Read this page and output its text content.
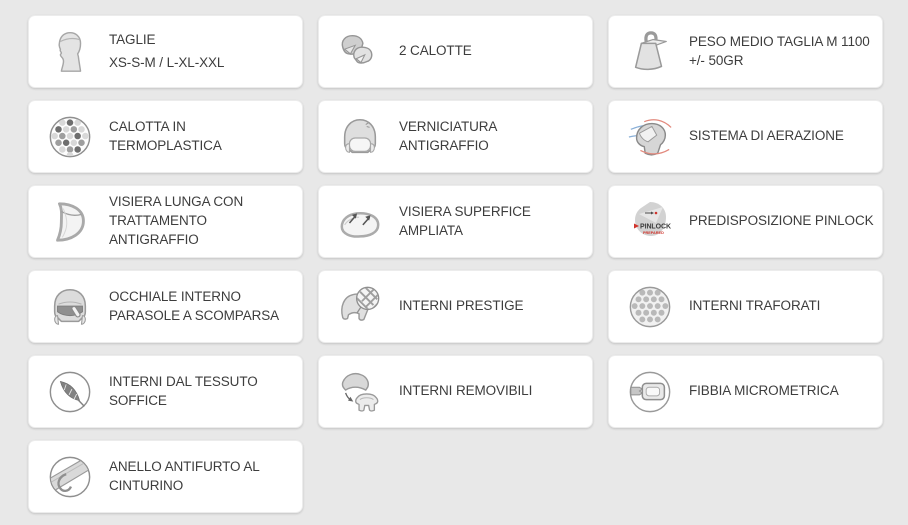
TAGLIE
XS-S-M / L-XL-XXL
2 CALOTTE
PESO MEDIO TAGLIA M 1100
+/- 50GR
CALOTTA IN
TERMOPLASTICA
VERNICIATURA
ANTIGRAFFIO
SISTEMA DI AERAZIONE
VISIERA LUNGA CON
TRATTAMENTO
ANTIGRAFFIO
VISIERA SUPERFICE
AMPLIATA	PINLOCK
PREPARED
PREDISPOSIZIONE PINLOCK
OCCHIALE INTERNO
PARASOLE A SCOMPARSA
INTERNI PRESTIGE	INTERNI TRAFORATI
INTERNI DAL TESSUTO
SOFFICE
INTERNI REMOVIBILI	FIBBIA MICROMETRICA
ANELLO ANTIFURTO AL
CINTURINO
